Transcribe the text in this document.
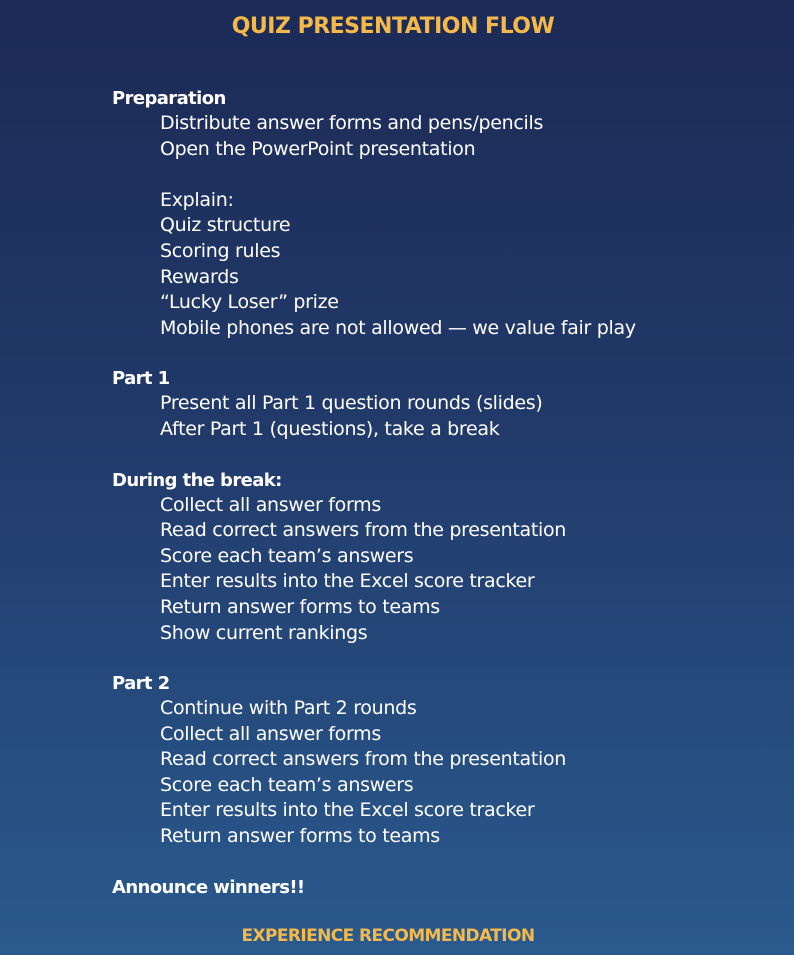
QUIZ PRESENTATION FLOW
Preparation
Distribute answer forms and pens/pencils
Open the PowerPoint presentation
Explain:
Quiz structure
Scoring rules
Rewards
“Lucky Loser” prize
Mobile phones are not allowed — we value fair play
Part 1
Present all Part 1 question rounds (slides)
After Part 1 (questions), take a break
During the break:
Collect all answer forms
Read correct answers from the presentation
Score each team’s answers
Enter results into the Excel score tracker
Return answer forms to teams
Show current rankings
Part 2
Continue with Part 2 rounds
Collect all answer forms
Read correct answers from the presentation
Score each team’s answers
Enter results into the Excel score tracker
Return answer forms to teams
Announce winners!!
EXPERIENCE RECOMMENDATION
